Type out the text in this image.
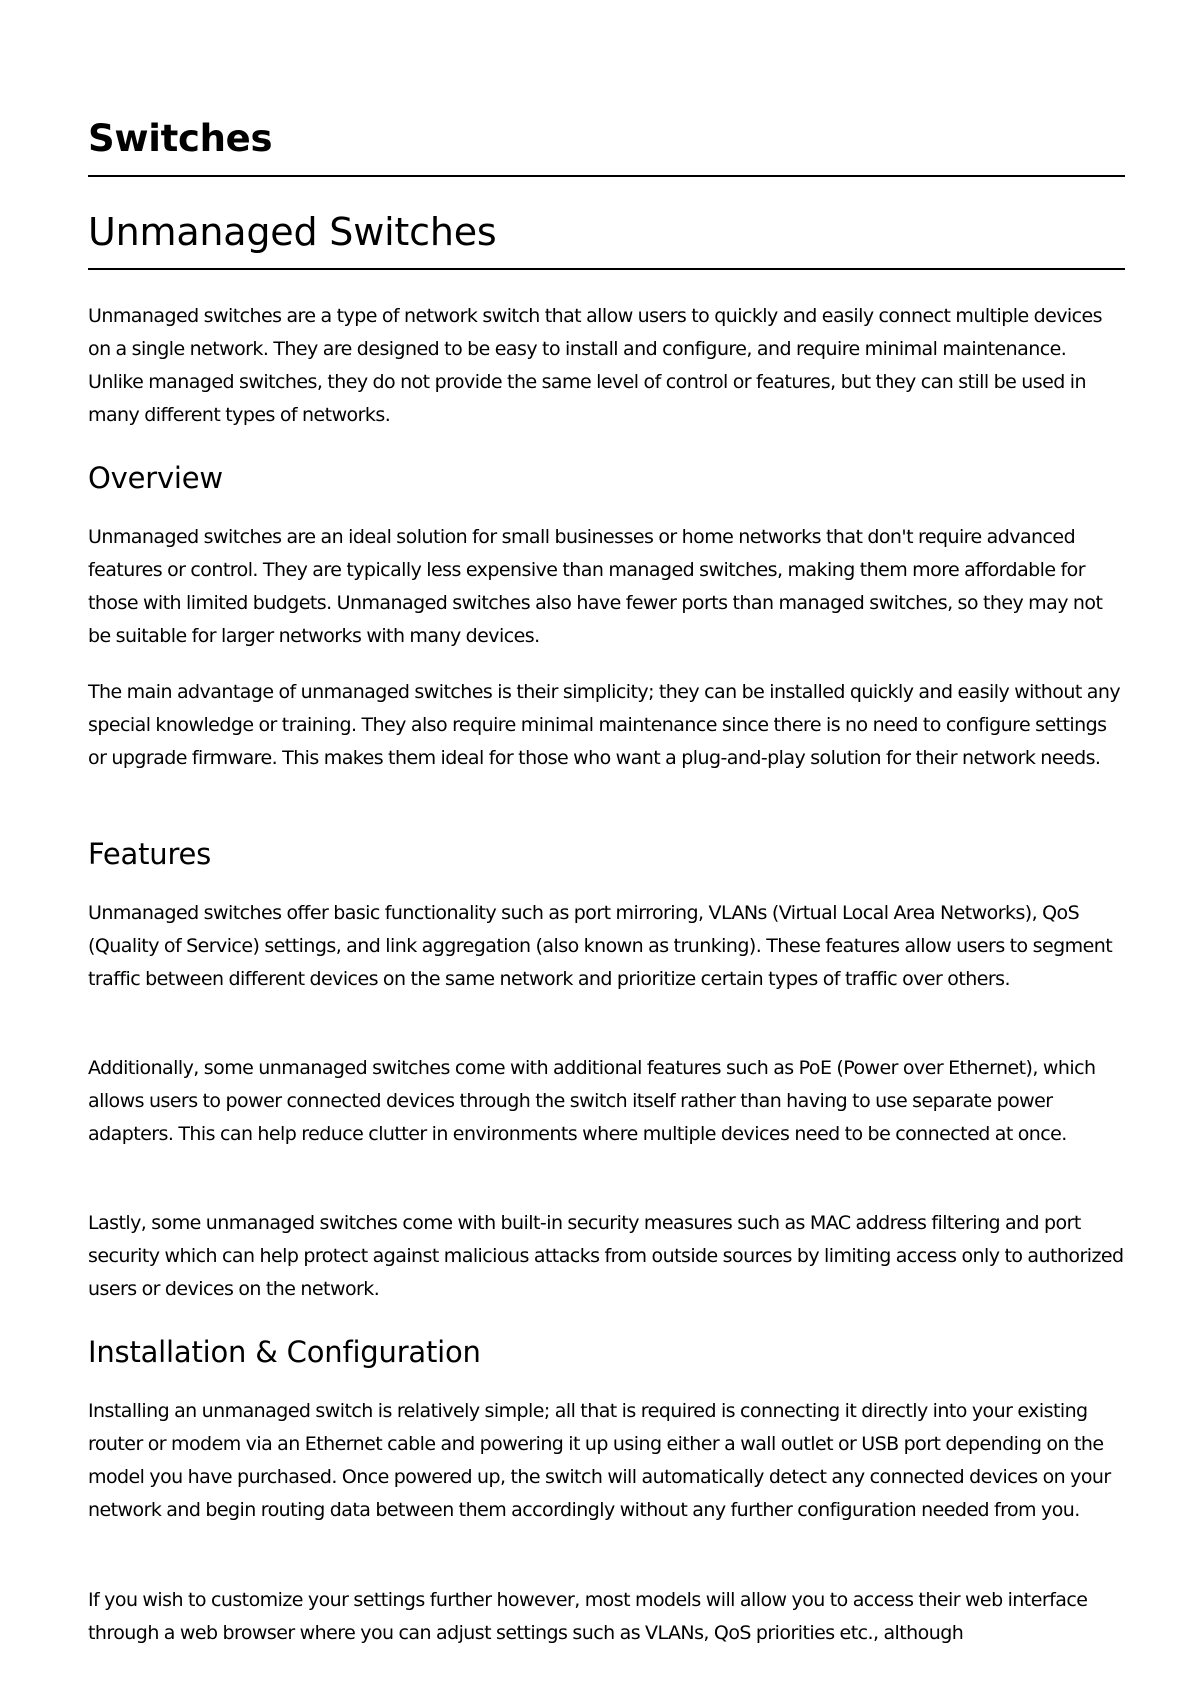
Switches
Unmanaged Switches

Unmanaged switches are a type of network switch that allow users to quickly and easily connect multiple devices on a single network. They are designed to be easy to install and configure, and require minimal maintenance. Unlike managed switches, they do not provide the same level of control or features, but they can still be used in many different types of networks.

Overview

Unmanaged switches are an ideal solution for small businesses or home networks that don't require advanced features or control. They are typically less expensive than managed switches, making them more affordable for those with limited budgets. Unmanaged switches also have fewer ports than managed switches, so they may not be suitable for larger networks with many devices.

The main advantage of unmanaged switches is their simplicity; they can be installed quickly and easily without any special knowledge or training. They also require minimal maintenance since there is no need to configure settings or upgrade firmware. This makes them ideal for those who want a plug-and-play solution for their network needs.

Features

Unmanaged switches offer basic functionality such as port mirroring, VLANs (Virtual Local Area Networks), QoS (Quality of Service) settings, and link aggregation (also known as trunking). These features allow users to segment traffic between different devices on the same network and prioritize certain types of traffic over others.

Additionally, some unmanaged switches come with additional features such as PoE (Power over Ethernet), which allows users to power connected devices through the switch itself rather than having to use separate power adapters. This can help reduce clutter in environments where multiple devices need to be connected at once.

Lastly, some unmanaged switches come with built-in security measures such as MAC address filtering and port security which can help protect against malicious attacks from outside sources by limiting access only to authorized users or devices on the network.

Installation & Configuration

Installing an unmanaged switch is relatively simple; all that is required is connecting it directly into your existing router or modem via an Ethernet cable and powering it up using either a wall outlet or USB port depending on the model you have purchased. Once powered up, the switch will automatically detect any connected devices on your network and begin routing data between them accordingly without any further configuration needed from you.

If you wish to customize your settings further however, most models will allow you to access their web interface through a web browser where you can adjust settings such as VLANs, QoS priorities etc., although
